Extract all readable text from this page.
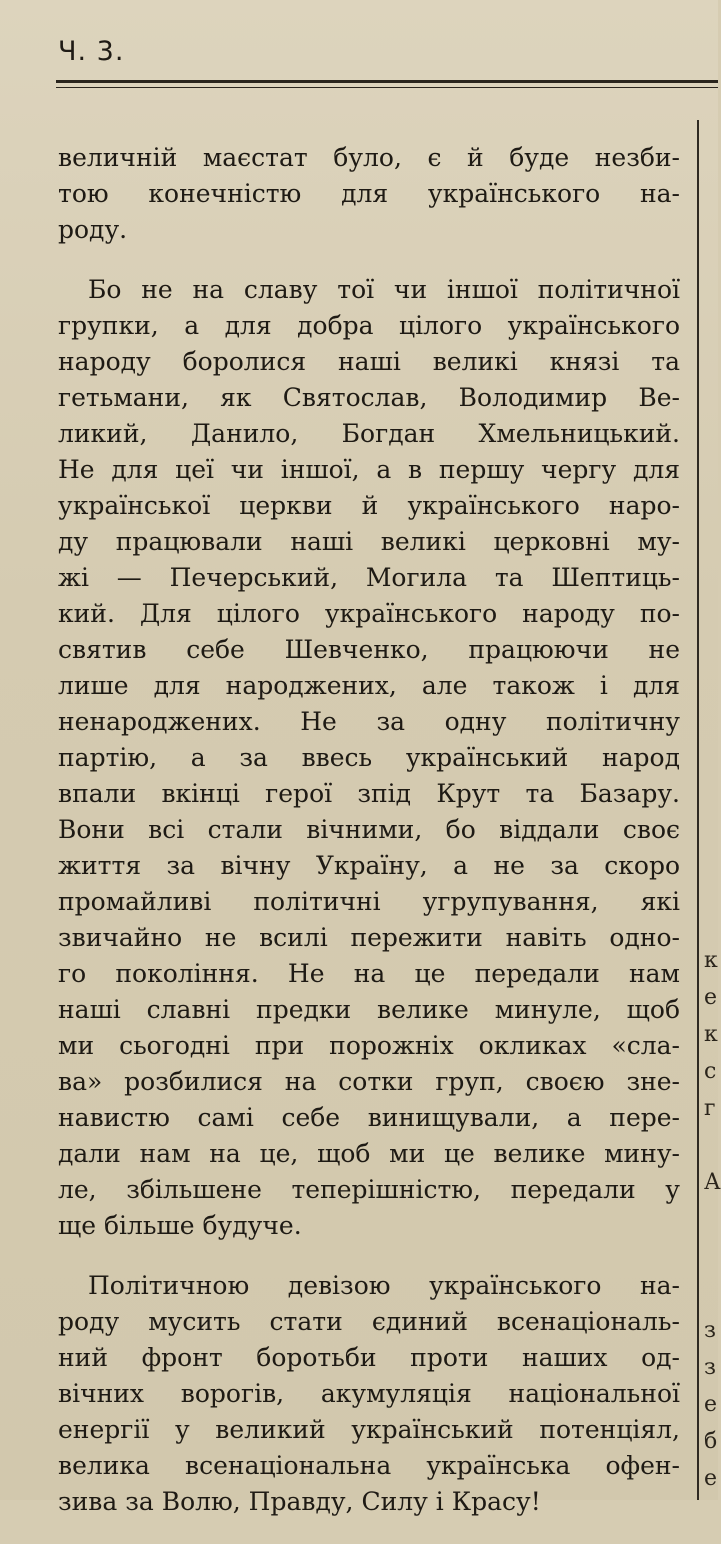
Ч. 3.

величній маєстат було, є й буде незби-
тою конечністю для українського на-
роду.

Бо не на славу тої чи іншої політичної
групки, а для добра цілого українського
народу боролися наші великі князі та
гетьмани, як Святослав, Володимир Ве-
ликий, Данило, Богдан Хмельницький.
Не для цеї чи іншої, а в першу чергу для
української церкви й українського наро-
ду працювали наші великі церковні му-
жі — Печерський, Могила та Шептиць-
кий. Для цілого українського народу по-
святив себе Шевченко, працюючи не
лише для народжених, але також і для
ненароджених. Не за одну політичну
партію, а за ввесь український народ
впали вкінці герої зпід Крут та Базару.
Вони всі стали вічними, бо віддали своє
життя за вічну Україну, а не за скоро
промайливі політичні угрупування, які
звичайно не всилі пережити навіть одно-
го покоління. Не на це передали нам
наші славні предки велике минуле, щоб
ми сьогодні при порожніх окликах «сла-
ва» розбилися на сотки груп, своєю зне-
навистю самі себе винищували, а пере-
дали нам на це, щоб ми це велике мину-
ле, збільшене теперішністю, передали у
ще більше будуче.

Політичною девізою українського на-
роду мусить стати єдиний всенаціональ-
ний фронт боротьби проти наших од-
вічних ворогів, акумуляція національної
енергії у великий український потенціял,
велика всенаціональна українська офен-
зива за Волю, Правду, Силу і Красу!

к
е
к
с
г
А
з
е
б
з
е
